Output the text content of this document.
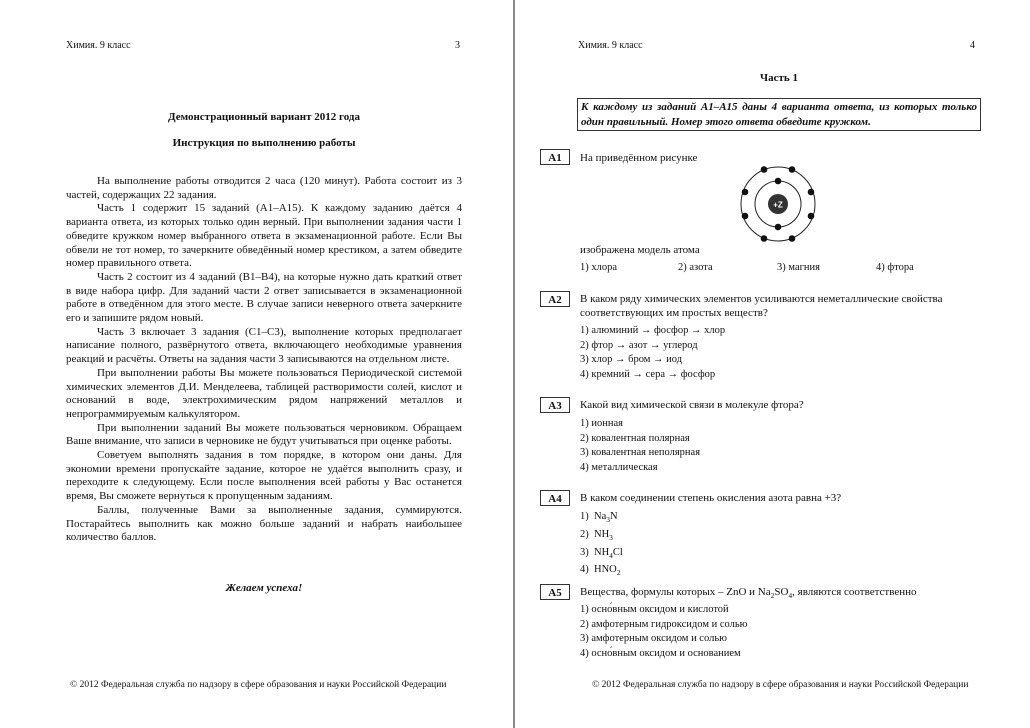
Химия. 9 класс	3
Демонстрационный вариант 2012 года
Инструкция по выполнению работы

На выполнение работы отводится 2 часа (120 минут). Работа состоит из 3 частей, содержащих 22 задания.

Часть 1 содержит 15 заданий (А1–А15). К каждому заданию даётся 4 варианта ответа, из которых только один верный. При выполнении задания части 1 обведите кружком номер выбранного ответа в экзаменационной работе. Если Вы обвели не тот номер, то зачеркните обведённый номер крестиком, а затем обведите номер правильного ответа.

Часть 2 состоит из 4 заданий (В1–В4), на которые нужно дать краткий ответ в виде набора цифр. Для заданий части 2 ответ записывается в экзаменационной работе в отведённом для этого месте. В случае записи неверного ответа зачеркните его и запишите рядом новый.

Часть 3 включает 3 задания (С1–С3), выполнение которых предполагает написание полного, развёрнутого ответа, включающего необходимые уравнения реакций и расчёты. Ответы на задания части 3 записываются на отдельном листе.

При выполнении работы Вы можете пользоваться Периодической системой химических элементов Д.И. Менделеева, таблицей растворимости солей, кислот и оснований в воде, электрохимическим рядом напряжений металлов и непрограммируемым калькулятором.

При выполнении заданий Вы можете пользоваться черновиком. Обращаем Ваше внимание, что записи в черновике не будут учитываться при оценке работы.

Советуем выполнять задания в том порядке, в котором они даны. Для экономии времени пропускайте задание, которое не удаётся выполнить сразу, и переходите к следующему. Если после выполнения всей работы у Вас останется время, Вы сможете вернуться к пропущенным заданиям.

Баллы, полученные Вами за выполненные задания, суммируются. Постарайтесь выполнить как можно больше заданий и набрать наибольшее количество баллов.

Желаем успеха!
© 2012 Федеральная служба по надзору в сфере образования и науки Российской Федерации
Химия. 9 класс	4
Часть 1
К каждому из заданий А1–А15 даны 4 варианта ответа, из которых только один правильный. Номер этого ответа обведите кружком.
А1	На приведённом рисунке
+Z
изображена модель атома
1) хлора	2) азота	3) магния	4) фтора
А2	В каком ряду химических элементов усиливаются неметаллические свойства соответствующих им простых веществ?
1) алюминий → фосфор → хлор
2) фтор → азот → углерод
3) хлор → бром → иод
4) кремний → сера → фосфор
А3	Какой вид химической связи в молекуле фтора?
1) ионная
2) ковалентная полярная
3) ковалентная неполярная
4) металлическая
А4	В каком соединении степень окисления азота равна +3?
1) $Na_3N$
2) $NH_3$
3) $NH_4Cl$
4) $HNO_2$
А5	Вещества, формулы которых – ZnO и $Na_2SO_4$, являются соответственно
1) осно́вным оксидом и кислотой
2) амфотерным гидроксидом и солью
3) амфотерным оксидом и солью
4) осно́вным оксидом и основанием
© 2012 Федеральная служба по надзору в сфере образования и науки Российской Федерации
